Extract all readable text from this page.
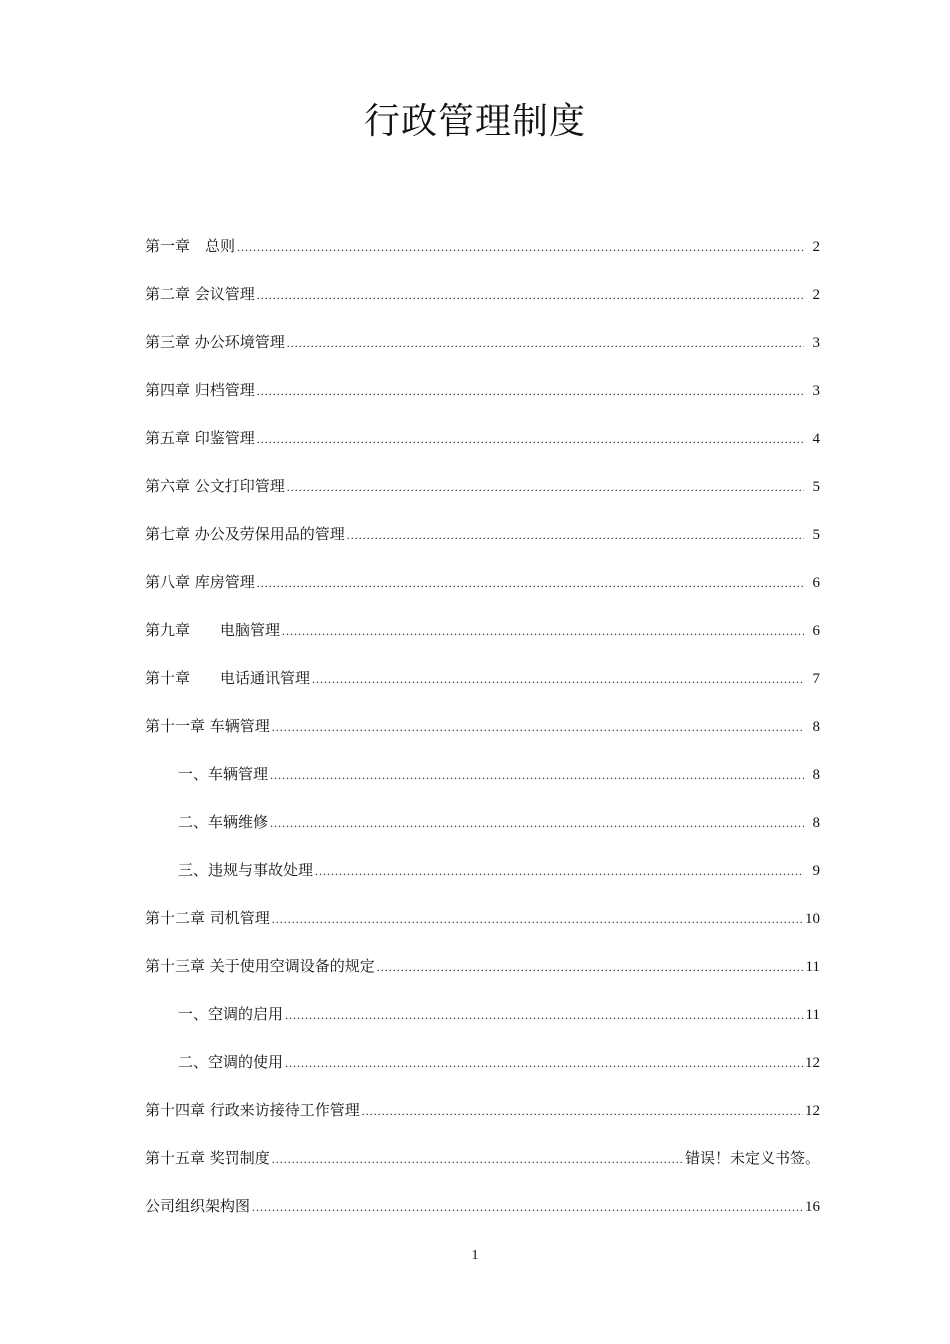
行政管理制度
第一章　总则 .....	2
第二章 会议管理 .....	2
第三章 办公环境管理 .....	3
第四章 归档管理 .....	3
第五章 印鉴管理 .....	4
第六章 公文打印管理 .....	5
第七章 办公及劳保用品的管理 .....	5
第八章 库房管理 .....	6
第九章　　电脑管理 .....	6
第十章　　电话通讯管理 .....	7
第十一章 车辆管理 .....	8
一、车辆管理 .....	8
二、车辆维修 .....	8
三、违规与事故处理 .....	9
第十二章 司机管理 .....	10
第十三章 关于使用空调设备的规定 .....	11
一、空调的启用 .....	11
二、空调的使用 .....	12
第十四章 行政来访接待工作管理 .....	12
第十五章 奖罚制度 .....	错误！未定义书签。
公司组织架构图 .....	16
1
